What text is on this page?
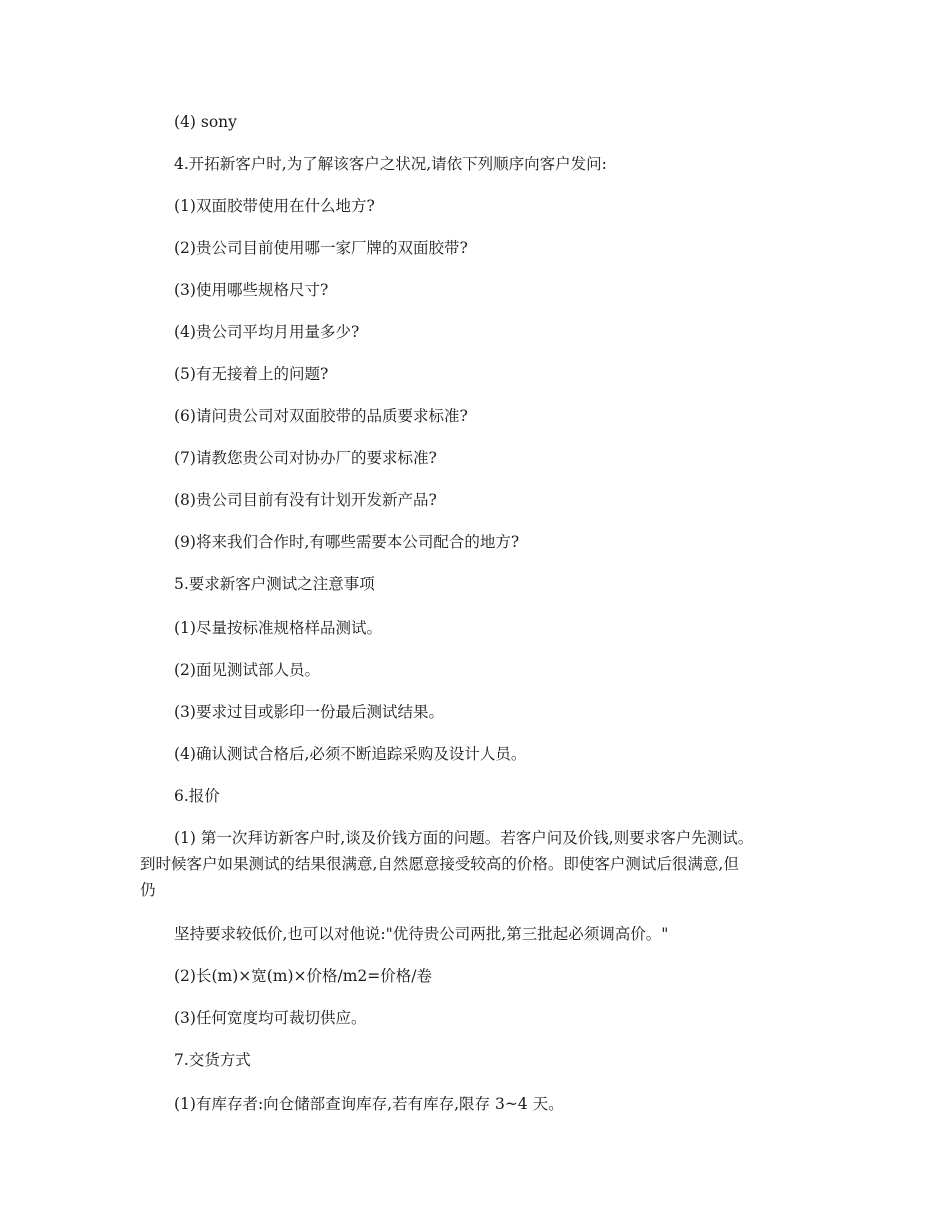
(4) sony
4.开拓新客户时,为了解该客户之状况,请依下列顺序向客户发问:
(1)双面胶带使用在什么地方?
(2)贵公司目前使用哪一家厂牌的双面胶带?
(3)使用哪些规格尺寸?
(4)贵公司平均月用量多少?
(5)有无接着上的问题?
(6)请问贵公司对双面胶带的品质要求标准?
(7)请教您贵公司对协办厂的要求标准?
(8)贵公司目前有没有计划开发新产品?
(9)将来我们合作时,有哪些需要本公司配合的地方?
5.要求新客户测试之注意事项
(1)尽量按标准规格样品测试。
(2)面见测试部人员。
(3)要求过目或影印一份最后测试结果。
(4)确认测试合格后,必须不断追踪采购及设计人员。
6.报价
(1) 第一次拜访新客户时,谈及价钱方面的问题。若客户问及价钱,则要求客户先测试。
到时候客户如果测试的结果很满意,自然愿意接受较高的价格。即使客户测试后很满意,但
仍
坚持要求较低价,也可以对他说:"优待贵公司两批,第三批起必须调高价。"
(2)长(m)×宽(m)×价格/m2=价格/卷
(3)任何宽度均可裁切供应。
7.交货方式
(1)有库存者:向仓储部查询库存,若有库存,限存 3~4 天。
